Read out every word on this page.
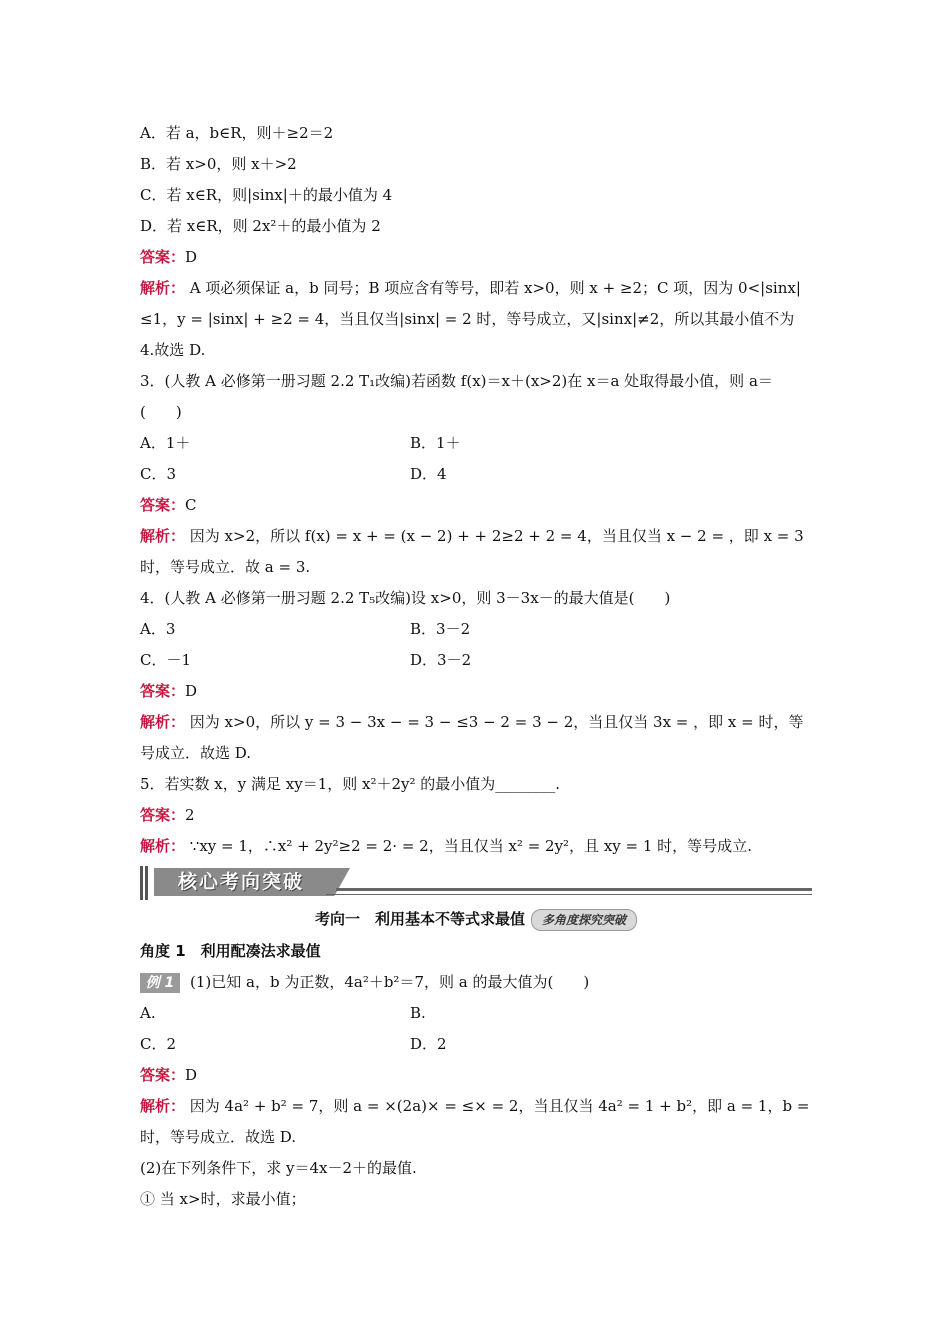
A．若 a，b∈R，则＋≥2＝2
B．若 x>0，则 x＋>2
C．若 x∈R，则|sinx|＋的最小值为 4
D．若 x∈R，则 2x²＋的最小值为 2
答案：D
解析： A 项必须保证 a，b 同号；B 项应含有等号，即若 x>0，则 x + ≥2；C 项，因为 0<|sinx|≤1，y = |sinx| + ≥2 = 4，当且仅当|sinx| = 2 时，等号成立，又|sinx|≠2，所以其最小值不为 4.故选 D.
3．(人教 A 必修第一册习题 2.2 T₁改编)若函数 f(x)＝x＋(x>2)在 x＝a 处取得最小值，则 a＝(　　)
A．1＋	B．1＋
C．3	D．4
答案：C
解析： 因为 x>2，所以 f(x) = x + = (x − 2) + + 2≥2 + 2 = 4，当且仅当 x − 2 = ，即 x = 3 时，等号成立．故 a = 3.
4．(人教 A 必修第一册习题 2.2 T₅改编)设 x>0，则 3－3x－的最大值是(　　)
A．3	B．3－2
C．－1	D．3－2
答案：D
解析： 因为 x>0，所以 y = 3 − 3x − = 3 − ≤3 − 2 = 3 − 2，当且仅当 3x = ，即 x = 时，等号成立．故选 D.
5．若实数 x，y 满足 xy＝1，则 x²＋2y² 的最小值为________.
答案：2
解析： ∵xy = 1，∴x² + 2y²≥2 = 2· = 2，当且仅当 x² = 2y²，且 xy = 1 时，等号成立.
核心考向突破
考向一　利用基本不等式求最值 多角度探究突破
角度 1　利用配凑法求最值
例 1 (1)已知 a，b 为正数，4a²＋b²＝7，则 a 的最大值为(　　)
A.	B.
C．2	D．2
答案：D
解析： 因为 4a² + b² = 7，则 a = ×(2a)× = ≤× = 2，当且仅当 4a² = 1 + b²，即 a = 1，b = 时，等号成立．故选 D.
(2)在下列条件下，求 y＝4x－2＋的最值.
① 当 x>时，求最小值；
